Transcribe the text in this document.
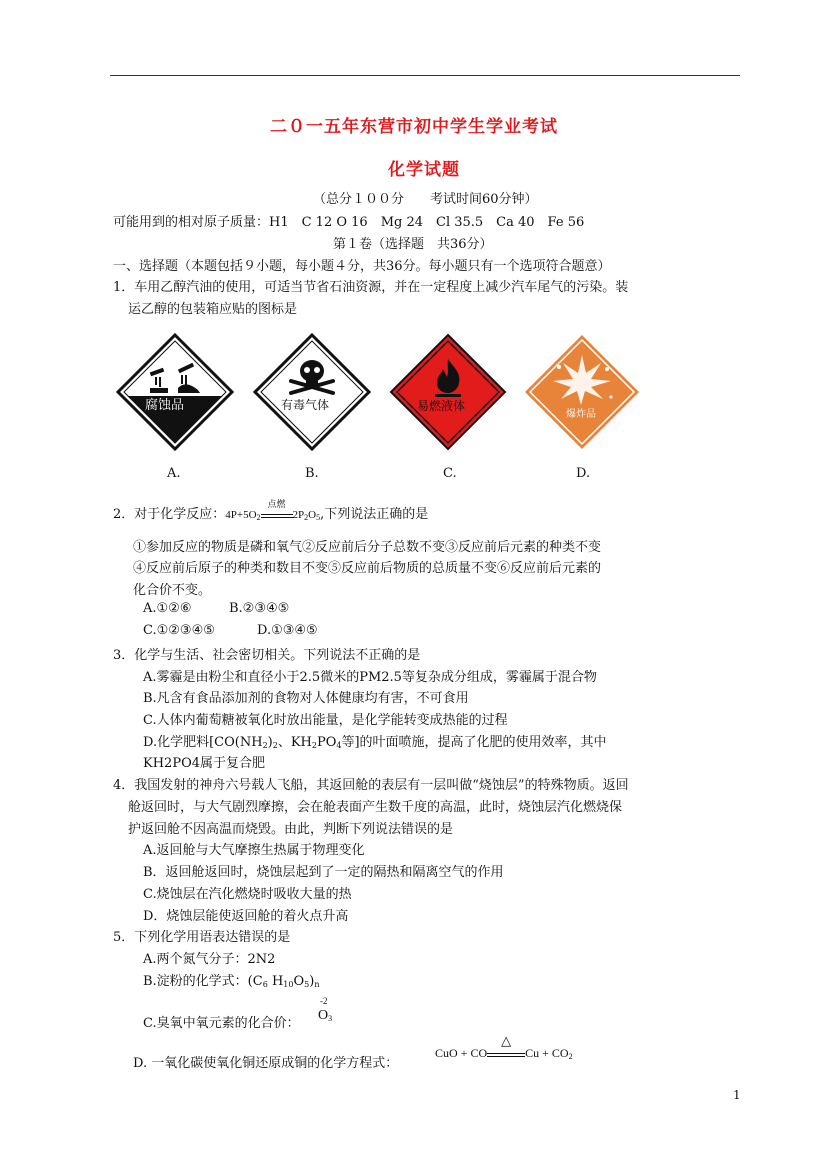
二０一五年东营市初中学生学业考试
化学试题
（总分１００分　　考试时间60分钟）
可能用到的相对原子质量：H1　C 12 O 16　Mg 24　Cl 35.5　Ca 40　Fe 56
第１卷（选择题　共36分）
一、选择题（本题包括９小题，每小题４分，共36分。每小题只有一个选项符合题意）
1．车用乙醇汽油的使用，可适当节省石油资源，并在一定程度上减少汽车尾气的污染。装
运乙醇的包装箱应贴的图标是
腐蚀品	有毒气体	易燃液体
爆炸品
A.	B.	C.	D.
2．对于化学反应：$4P+5O_2$
点燃
$2P_2O_5$,下列说法正确的是
①参加反应的物质是磷和氧气②反应前后分子总数不变③反应前后元素的种类不变
④反应前后原子的种类和数目不变⑤反应前后物质的总质量不变⑥反应前后元素的
化合价不变。
A.①②⑥	B.②③④⑤
C.①②③④⑤	D.①③④⑤
3．化学与生活、社会密切相关。下列说法不正确的是
A.雾霾是由粉尘和直径小于2.5微米的PM2.5等复杂成分组成，雾霾属于混合物
B.凡含有食品添加剂的食物对人体健康均有害，不可食用
C.人体内葡萄糖被氧化时放出能量，是化学能转变成热能的过程
D.化学肥料[$CO(NH_2)_2$、$KH_2PO_4$等]的叶面喷施，提高了化肥的使用效率，其中
KH2PO4属于复合肥
4．我国发射的神舟六号载人飞船，其返回舱的表层有一层叫做“烧蚀层”的特殊物质。返回
舱返回时，与大气剧烈摩擦，会在舱表面产生数千度的高温，此时，烧蚀层汽化燃烧保
护返回舱不因高温而烧毁。由此，判断下列说法错误的是
A.返回舱与大气摩擦生热属于物理变化
B．返回舱返回时，烧蚀层起到了一定的隔热和隔离空气的作用
C.烧蚀层在汽化燃烧时吸收大量的热
D．烧蚀层能使返回舱的着火点升高
5．下列化学用语表达错误的是
A.两个氮气分子：2N2
B.淀粉的化学式：($C_6$ $H_{10}O_5)_n$
C.臭氧中氧元素的化合价：
-2
$O_3$
D. 一氧化碳使氧化铜还原成铜的化学方程式：
CuO + CO
△
$Cu + CO_2$
1
